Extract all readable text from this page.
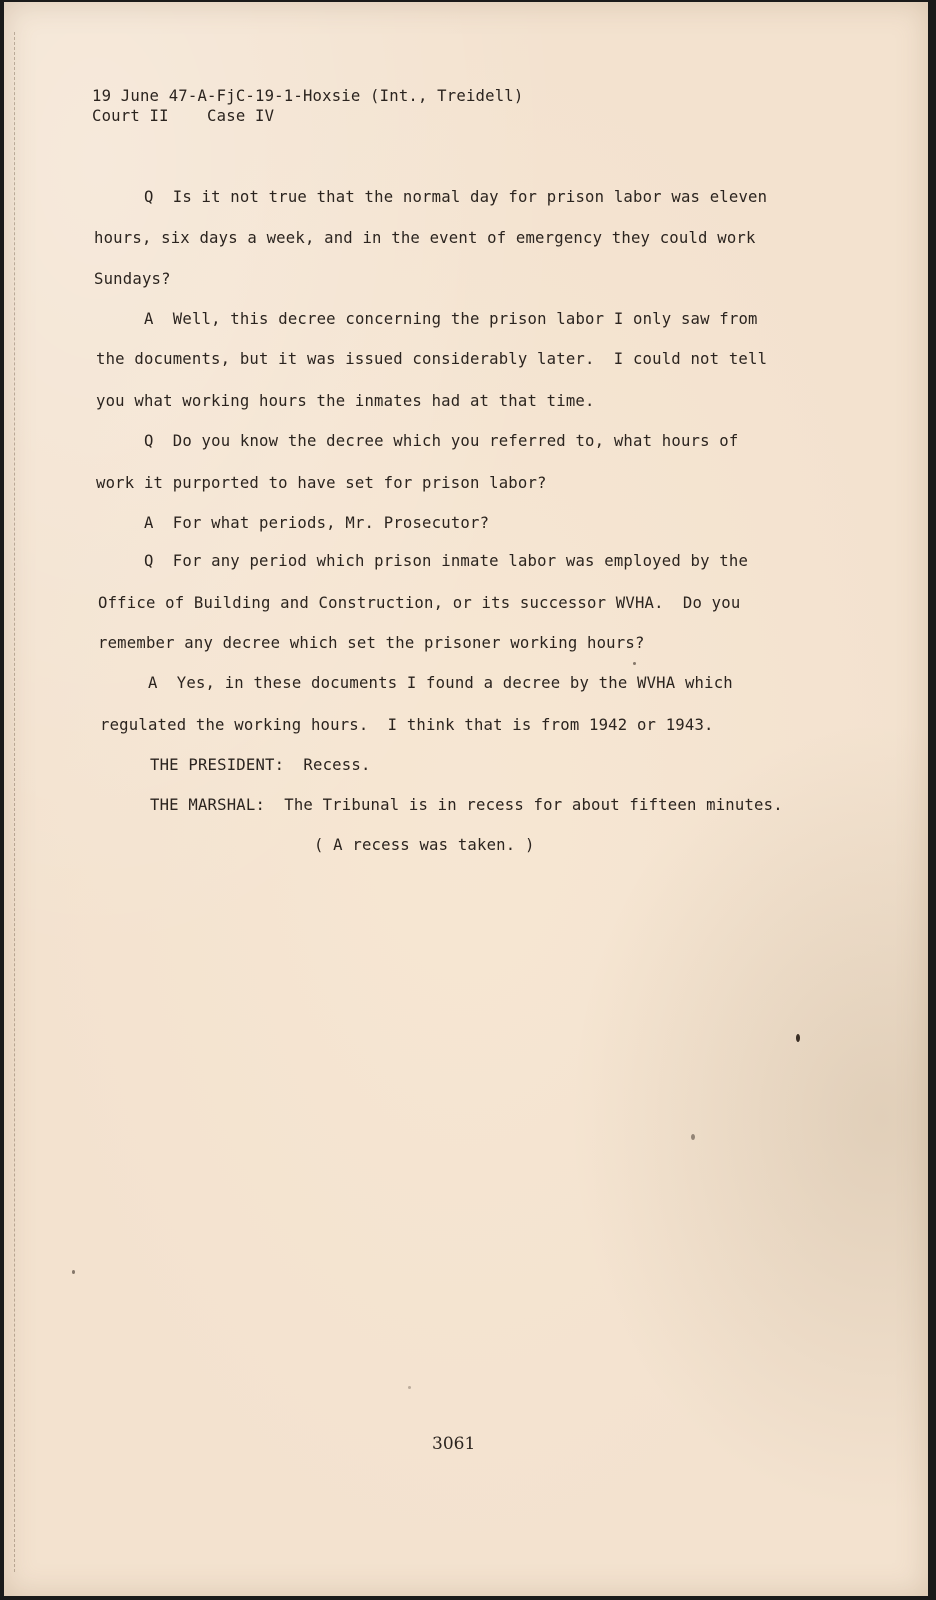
19 June 47-A-FjC-19-1-Hoxsie (Int., Treidell)
Court II    Case IV
Q  Is it not true that the normal day for prison labor was eleven
hours, six days a week, and in the event of emergency they could work
Sundays?
A  Well, this decree concerning the prison labor I only saw from
the documents, but it was issued considerably later.  I could not tell
you what working hours the inmates had at that time.
Q  Do you know the decree which you referred to, what hours of
work it purported to have set for prison labor?
A  For what periods, Mr. Prosecutor?
Q  For any period which prison inmate labor was employed by the
Office of Building and Construction, or its successor WVHA.  Do you
remember any decree which set the prisoner working hours?
A  Yes, in these documents I found a decree by the WVHA which
regulated the working hours.  I think that is from 1942 or 1943.
THE PRESIDENT:  Recess.
THE MARSHAL:  The Tribunal is in recess for about fifteen minutes.
( A recess was taken. )
3061
